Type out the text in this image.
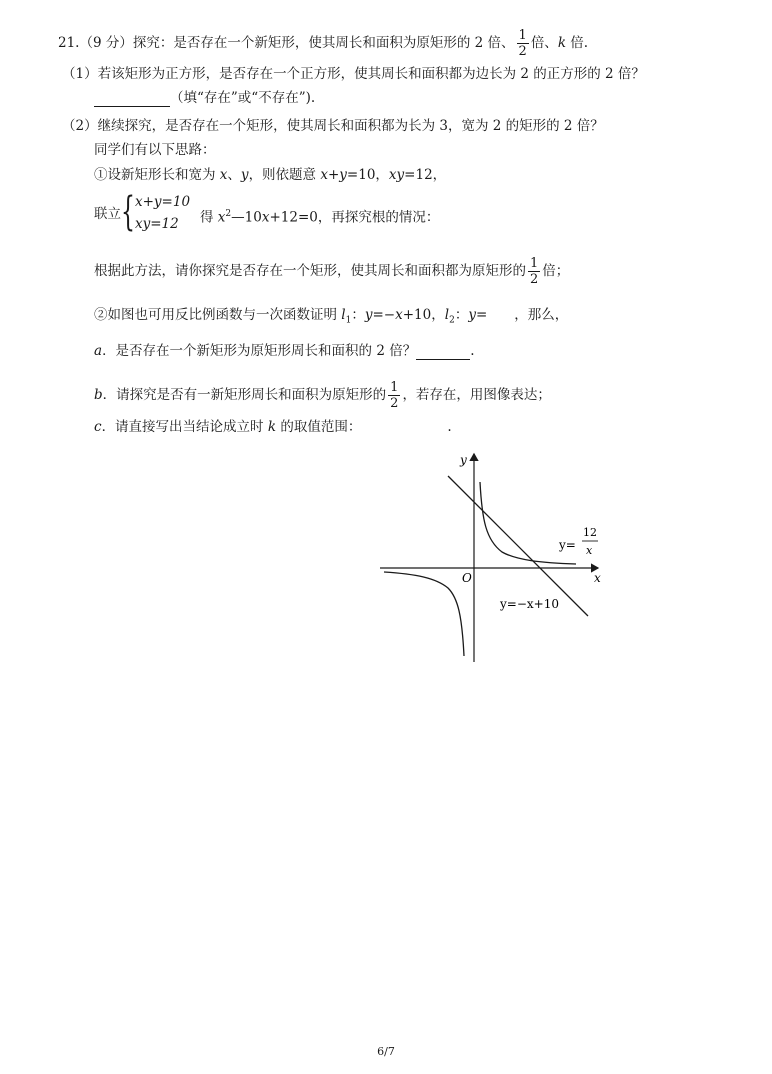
21.（9 分）探究：是否存在一个新矩形，使其周长和面积为原矩形的 2 倍、 $\frac{1}{2}$ 倍、k 倍.
（1）若该矩形为正方形，是否存在一个正方形，使其周长和面积都为边长为 2 的正方形的 2 倍？
（填“存在”或“不存在”).
（2）继续探究，是否存在一个矩形，使其周长和面积都为长为 3，宽为 2 的矩形的 2 倍？
同学们有以下思路：
①设新矩形长和宽为 x、y，则依题意 x+y=10，xy=12，
联立 { x+y=10
xy=12 得 $x^2—10x+12=0$，再探究根的情况：
根据此方法，请你探究是否存在一个矩形，使其周长和面积都为原矩形的 $\frac{1}{2}$ 倍；
②如图也可用反比例函数与一次函数证明 $l_1$：y=−x+10，$l_2$：y=　　，那么，
a．是否存在一个新矩形为原矩形周长和面积的 2 倍？	.
b．请探究是否有一新矩形周长和面积为原矩形的 $\frac{1}{2}$ ，若存在，用图像表达；
c．请直接写出当结论成立时 k 的取值范围：	.
y
x
O
y=
12
x
y=−x+10
6/7
